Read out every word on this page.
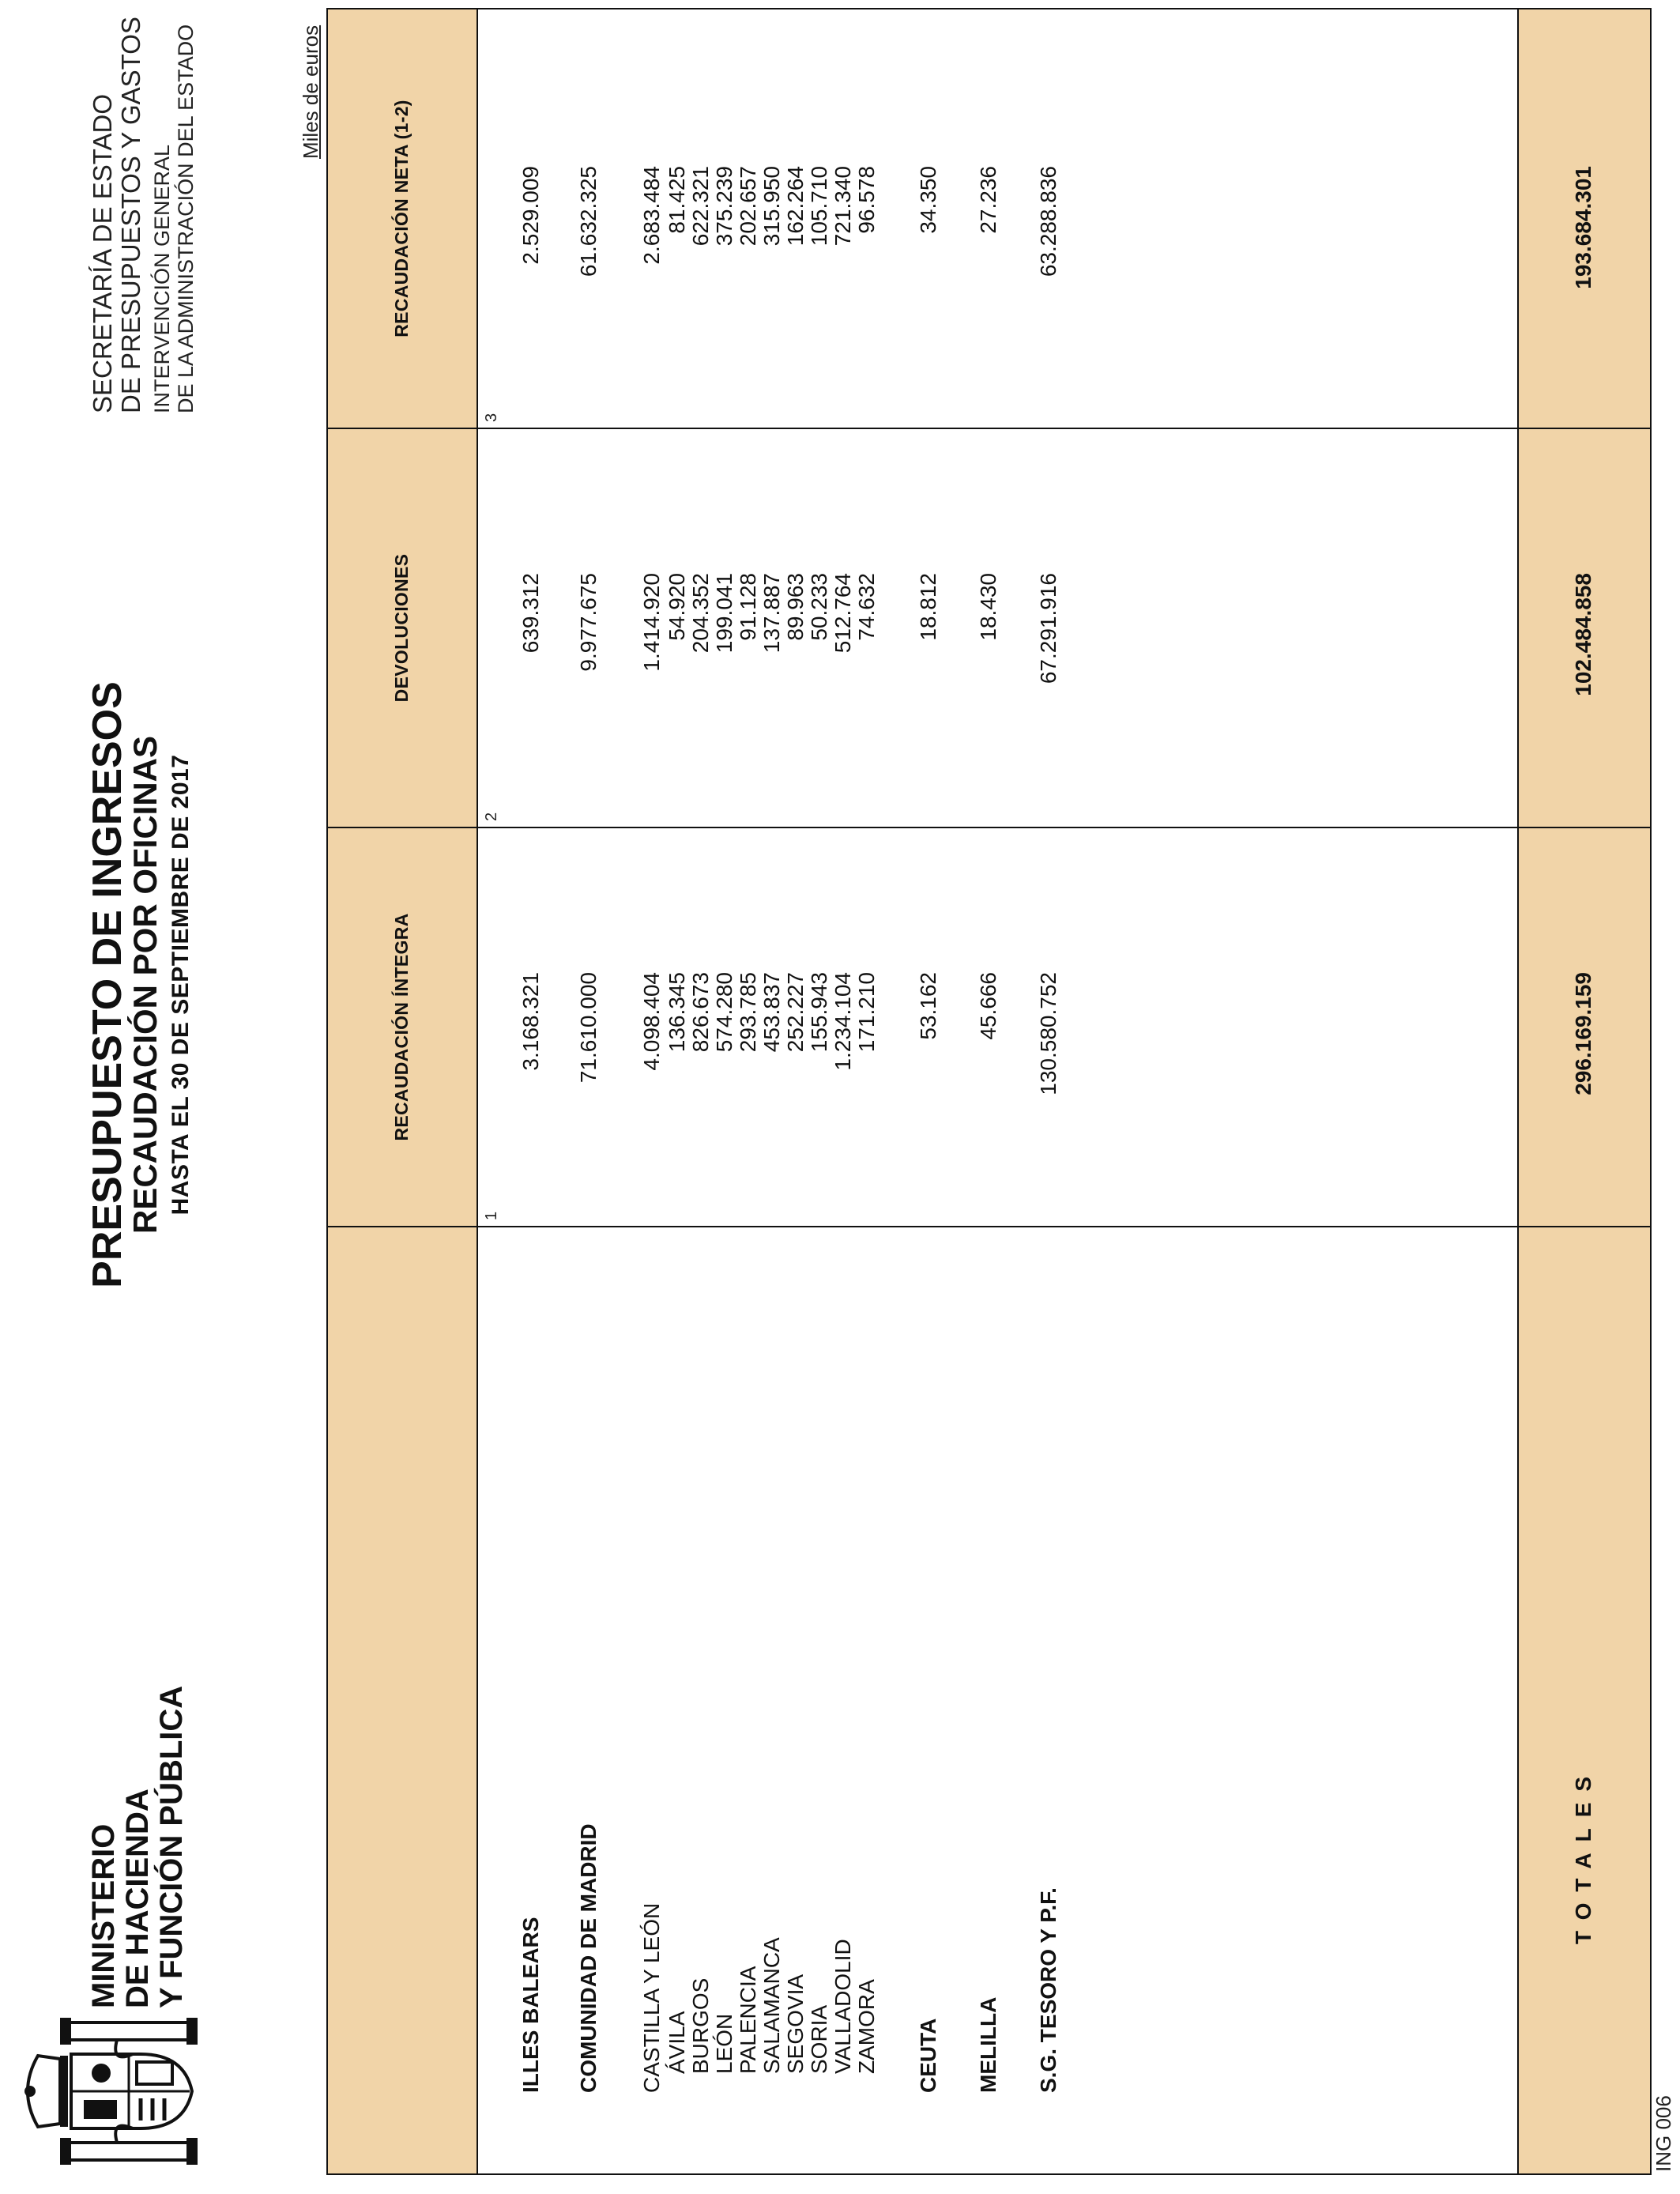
MINISTERIO DE HACIENDA Y FUNCIÓN PÚBLICA
PRESUPUESTO DE INGRESOS
RECAUDACIÓN POR OFICINAS HASTA EL 30 DE SEPTIEMBRE DE 2017
SECRETARÍA DE ESTADO DE PRESUPUESTOS Y GASTOS INTERVENCIÓN GENERAL DE LA ADMINISTRACIÓN DEL ESTADO	Miles de euros
RECAUDACIÓN ÍNTEGRA
DEVOLUCIONES
RECAUDACIÓN NETA (1-2)
1
2
3
ILLES BALEARS COMUNIDAD DE MADRID CASTILLA Y LEÓN ÁVILA BURGOS LEÓN PALENCIA SALAMANCA SEGOVIA SORIA VALLADOLID ZAMORA CEUTA MELILLA S.G. TESORO Y P.F.
3.168.321 71.610.000 4.098.404 136.345 826.673 574.280 293.785 453.837 252.227 155.943 1.234.104 171.210 53.162 45.666 130.580.752
639.312 9.977.675 1.414.920 54.920 204.352 199.041 91.128 137.887 89.963 50.233 512.764 74.632 18.812 18.430 67.291.916
2.529.009 61.632.325 2.683.484 81.425 622.321 375.239 202.657 315.950 162.264 105.710 721.340 96.578 34.350 27.236 63.288.836
TOTALES
296.169.159
102.484.858
193.684.301
ING 006
